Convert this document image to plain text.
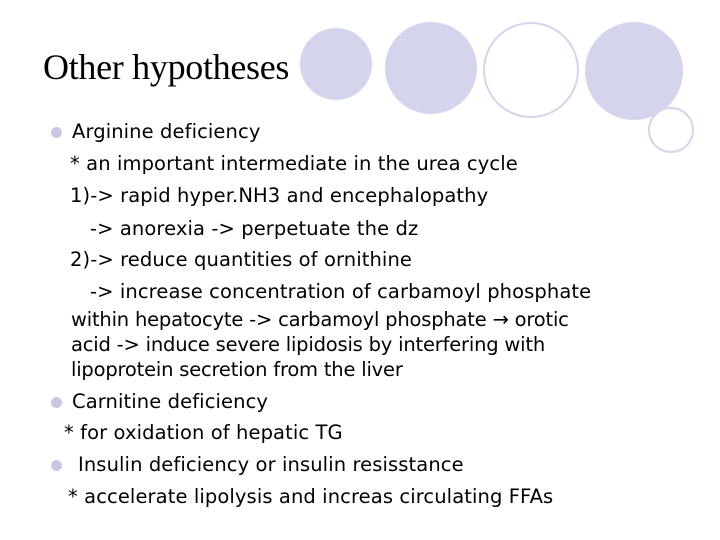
Other hypotheses
Arginine deficiency
* an important intermediate in the urea cycle
1)-> rapid hyper.NH3 and encephalopathy
-> anorexia -> perpetuate the dz
2)-> reduce quantities of ornithine
-> increase concentration of carbamoyl phosphate
within hepatocyte -> carbamoyl phosphate → orotic
acid -> induce severe lipidosis by interfering with
lipoprotein secretion from the liver
Carnitine deficiency
* for oxidation of hepatic TG
Insulin deficiency or insulin resisstance
* accelerate lipolysis and increas circulating FFAs
